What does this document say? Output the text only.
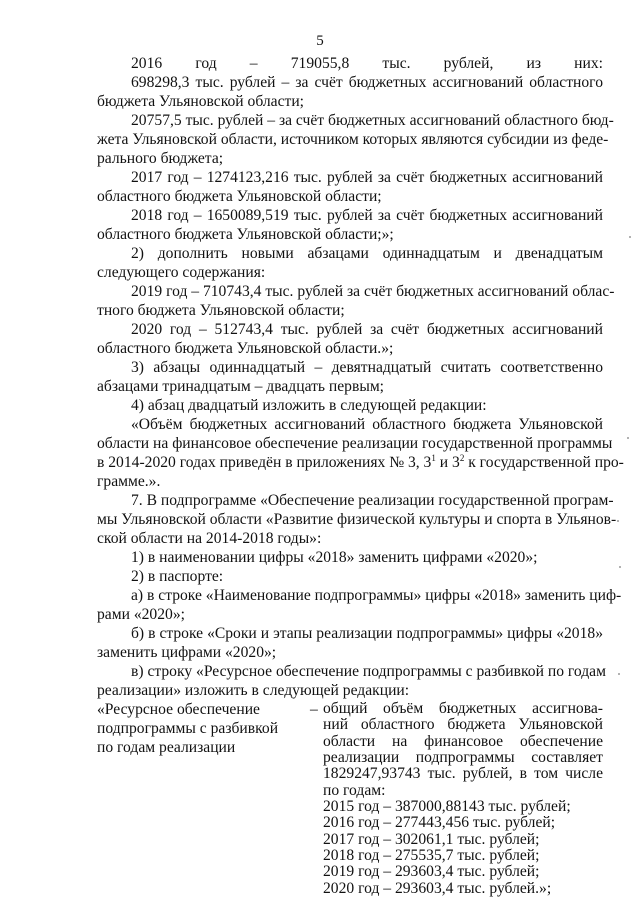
5
2016 год – 719055,8 тыс. рублей, из них:
698298,3 тыс. рублей – за счёт бюджетных ассигнований областного
бюджета Ульяновской области;
20757,5 тыс. рублей – за счёт бюджетных ассигнований областного бюд-
жета Ульяновской области, источником которых являются субсидии из феде-
рального бюджета;
2017 год – 1274123,216 тыс. рублей за счёт бюджетных ассигнований
областного бюджета Ульяновской области;
2018 год – 1650089,519 тыс. рублей за счёт бюджетных ассигнований
областного бюджета Ульяновской области;»;
2) дополнить новыми абзацами одиннадцатым и двенадцатым
следующего содержания:
2019 год – 710743,4 тыс. рублей за счёт бюджетных ассигнований облас-
тного бюджета Ульяновской области;
2020 год – 512743,4 тыс. рублей за счёт бюджетных ассигнований
областного бюджета Ульяновской области.»;
3) абзацы одиннадцатый – девятнадцатый считать соответственно
абзацами тринадцатым – двадцать первым;
4) абзац двадцатый изложить в следующей редакции:
«Объём бюджетных ассигнований областного бюджета Ульяновской
области на финансовое обеспечение реализации государственной программы
в 2014-2020 годах приведён в приложениях № 3, $3^1$ и $3^2$ к государственной про-
грамме.».
7. В подпрограмме «Обеспечение реализации государственной програм-
мы Ульяновской области «Развитие физической культуры и спорта в Ульянов-
ской области на 2014-2018 годы»:
1) в наименовании цифры «2018» заменить цифрами «2020»;
2) в паспорте:
а) в строке «Наименование подпрограммы» цифры «2018» заменить циф-
рами «2020»;
б) в строке «Сроки и этапы реализации подпрограммы» цифры «2018»
заменить цифрами «2020»;
в) строку «Ресурсное обеспечение подпрограммы с разбивкой по годам
реализации» изложить в следующей редакции:
«Ресурсное обеспечение
подпрограммы с разбивкой
по годам реализации
– общий объём бюджетных ассигнова-
ний областного бюджета Ульяновской
области на финансовое обеспечение
реализации подпрограммы составляет
1829247,93743 тыс. рублей, в том числе
по годам:
2015 год – 387000,88143 тыс. рублей;
2016 год – 277443,456 тыс. рублей;
2017 год – 302061,1 тыс. рублей;
2018 год – 275535,7 тыс. рублей;
2019 год – 293603,4 тыс. рублей;
2020 год – 293603,4 тыс. рублей.»;
